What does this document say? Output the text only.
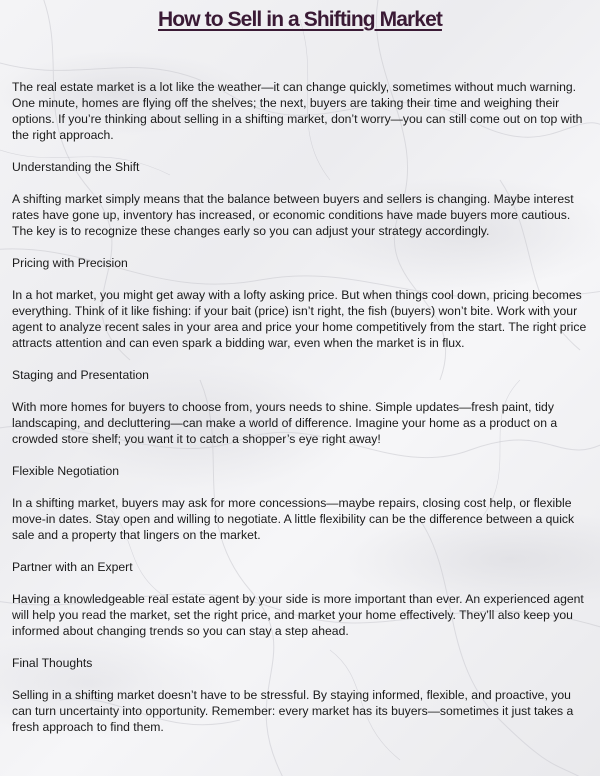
How to Sell in a Shifting Market

The real estate market is a lot like the weather—it can change quickly, sometimes without much warning. One minute, homes are flying off the shelves; the next, buyers are taking their time and weighing their options. If you’re thinking about selling in a shifting market, don’t worry—you can still come out on top with the right approach.

Understanding the Shift

A shifting market simply means that the balance between buyers and sellers is changing. Maybe interest rates have gone up, inventory has increased, or economic conditions have made buyers more cautious. The key is to recognize these changes early so you can adjust your strategy accordingly.

Pricing with Precision

In a hot market, you might get away with a lofty asking price. But when things cool down, pricing becomes everything. Think of it like fishing: if your bait (price) isn’t right, the fish (buyers) won’t bite. Work with your agent to analyze recent sales in your area and price your home competitively from the start. The right price attracts attention and can even spark a bidding war, even when the market is in flux.

Staging and Presentation

With more homes for buyers to choose from, yours needs to shine. Simple updates—fresh paint, tidy landscaping, and decluttering—can make a world of difference. Imagine your home as a product on a crowded store shelf; you want it to catch a shopper’s eye right away!

Flexible Negotiation

In a shifting market, buyers may ask for more concessions—maybe repairs, closing cost help, or flexible move-in dates. Stay open and willing to negotiate. A little flexibility can be the difference between a quick sale and a property that lingers on the market.

Partner with an Expert

Having a knowledgeable real estate agent by your side is more important than ever. An experienced agent will help you read the market, set the right price, and market your home effectively. They’ll also keep you informed about changing trends so you can stay a step ahead.

Final Thoughts

Selling in a shifting market doesn’t have to be stressful. By staying informed, flexible, and proactive, you can turn uncertainty into opportunity. Remember: every market has its buyers—sometimes it just takes a fresh approach to find them.
